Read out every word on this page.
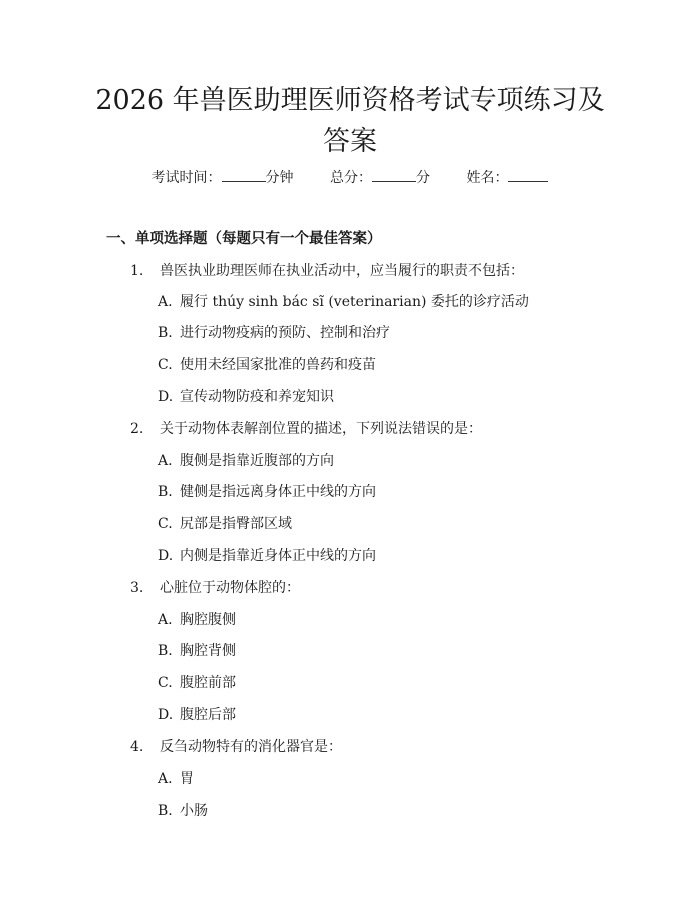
2026 年兽医助理医师资格考试专项练习及答案
考试时间：	分钟	总分：	分	姓名：
一、单项选择题（每题只有一个最佳答案）
1. 兽医执业助理医师在执业活动中，应当履行的职责不包括：
A. 履行 thúy sinh bác sĩ (veterinarian) 委托的诊疗活动
B. 进行动物疫病的预防、控制和治疗
C. 使用未经国家批准的兽药和疫苗
D. 宣传动物防疫和养宠知识
2. 关于动物体表解剖位置的描述，下列说法错误的是：
A. 腹侧是指靠近腹部的方向
B. 健侧是指远离身体正中线的方向
C. 尻部是指臀部区域
D. 内侧是指靠近身体正中线的方向
3. 心脏位于动物体腔的：
A. 胸腔腹侧
B. 胸腔背侧
C. 腹腔前部
D. 腹腔后部
4. 反刍动物特有的消化器官是：
A. 胃
B. 小肠
